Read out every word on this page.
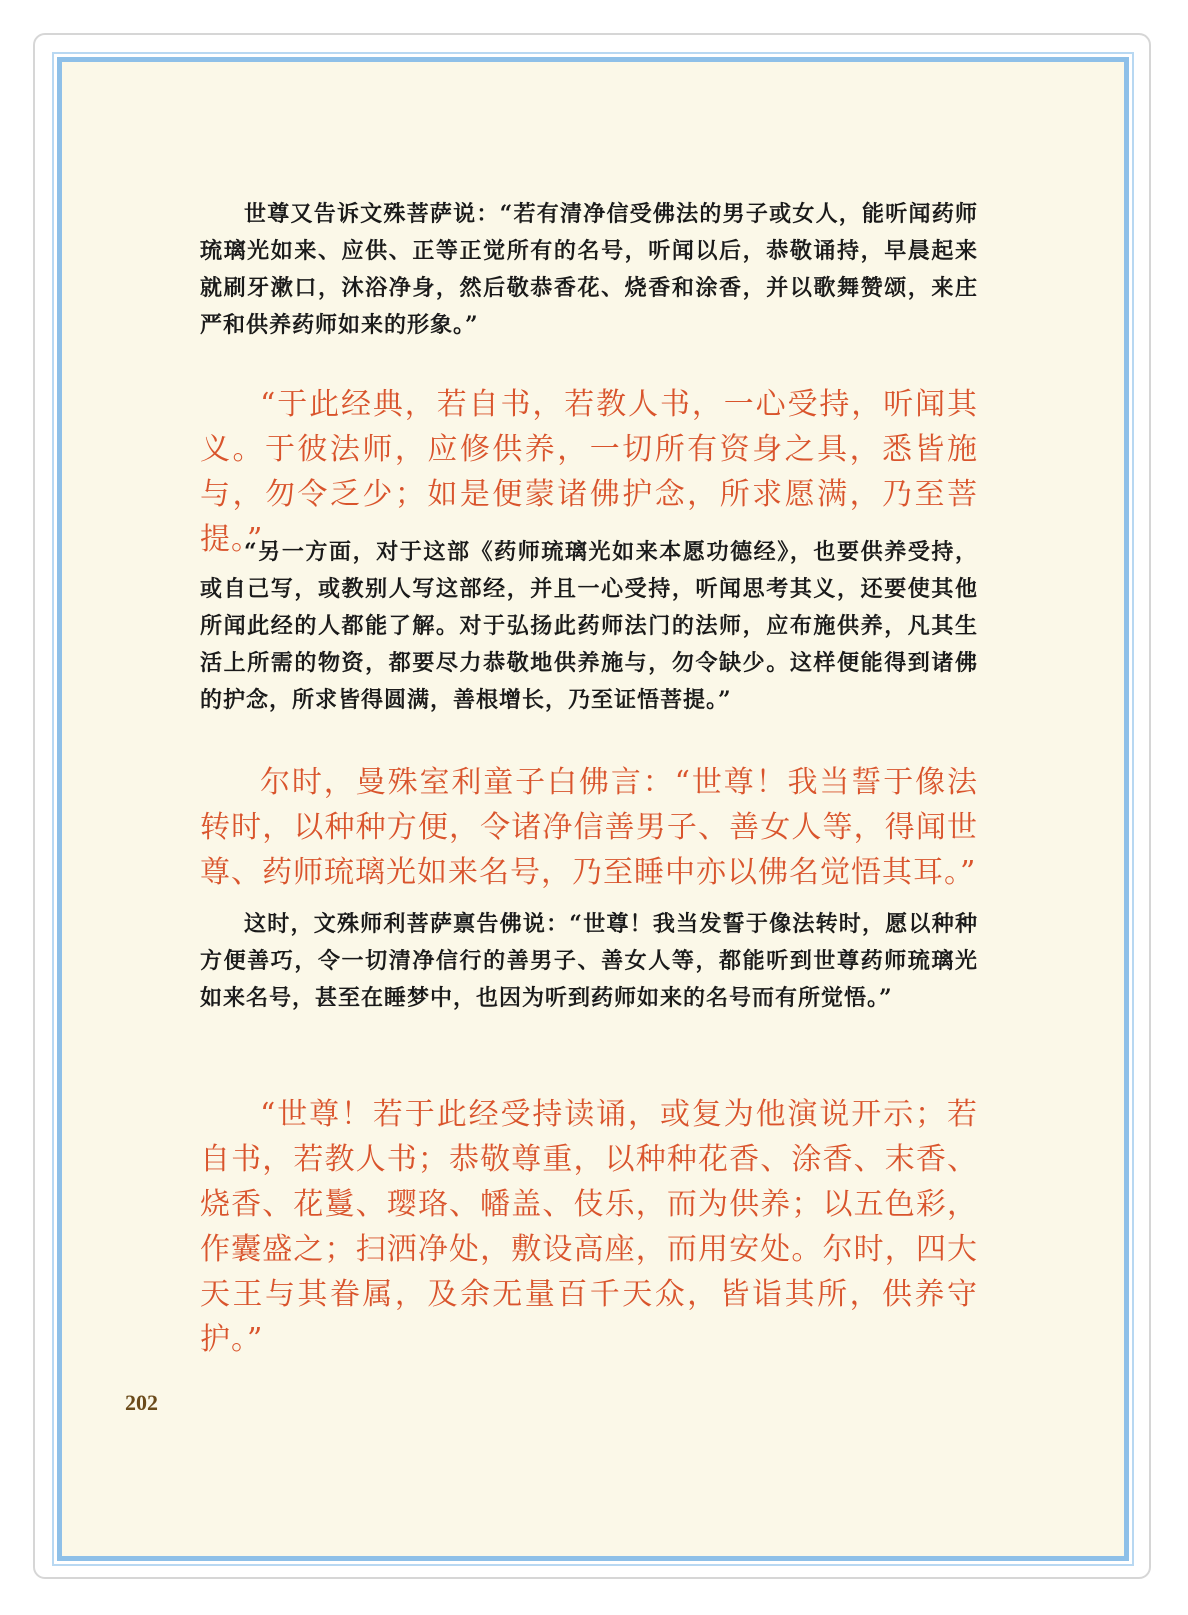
世尊又告诉文殊菩萨说：“若有清净信受佛法的男子或女人，能听闻药师琉璃光如来、应供、正等正觉所有的名号，听闻以后，恭敬诵持，早晨起来就刷牙漱口，沐浴净身，然后敬恭香花、烧香和涂香，并以歌舞赞颂，来庄严和供养药师如来的形象。”

“于此经典，若自书，若教人书，一心受持，听闻其义。于彼法师，应修供养，一切所有资身之具，悉皆施与，勿令乏少；如是便蒙诸佛护念，所求愿满，乃至菩提。”

“另一方面，对于这部《药师琉璃光如来本愿功德经》，也要供养受持，或自己写，或教别人写这部经，并且一心受持，听闻思考其义，还要使其他所闻此经的人都能了解。对于弘扬此药师法门的法师，应布施供养，凡其生活上所需的物资，都要尽力恭敬地供养施与，勿令缺少。这样便能得到诸佛的护念，所求皆得圆满，善根增长，乃至证悟菩提。”

尔时，曼殊室利童子白佛言：“世尊！我当誓于像法转时，以种种方便，令诸净信善男子、善女人等，得闻世尊、药师琉璃光如来名号，乃至睡中亦以佛名觉悟其耳。”

这时，文殊师利菩萨禀告佛说：“世尊！我当发誓于像法转时，愿以种种方便善巧，令一切清净信行的善男子、善女人等，都能听到世尊药师琉璃光如来名号，甚至在睡梦中，也因为听到药师如来的名号而有所觉悟。”

“世尊！若于此经受持读诵，或复为他演说开示；若自书，若教人书；恭敬尊重，以种种花香、涂香、末香、烧香、花鬘、璎珞、幡盖、伎乐，而为供养；以五色彩，作囊盛之；扫洒净处，敷设高座，而用安处。尔时，四大天王与其眷属，及余无量百千天众，皆诣其所，供养守护。”

202
